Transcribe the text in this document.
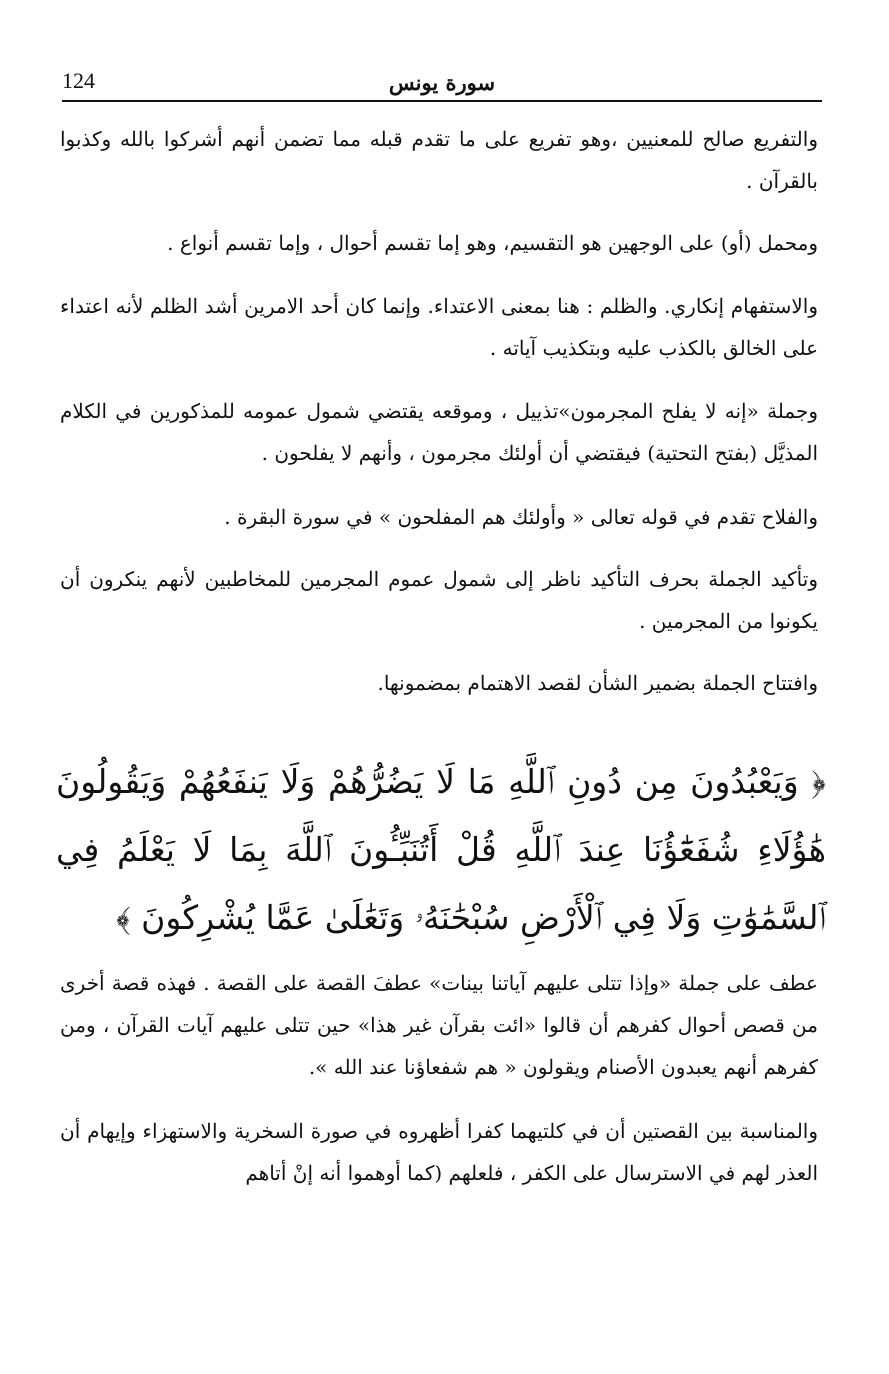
124	سورة يونس

والتفريع صالح للمعنيين ،وهو تفريع على ما تقدم قبله مما تضمن أنهم أشركوا بالله وكذبوا بالقرآن .

ومحمل (أو) على الوجهين هو التقسيم، وهو إما تقسم أحوال ، وإما تقسم أنواع .

والاستفهام إنكاري. والظلم : هنا بمعنى الاعتداء. وإنما كان أحد الامرين أشد الظلم لأنه اعتداء على الخالق بالكذب عليه وبتكذيب آياته .

وجملة «إنه لا يفلح المجرمون»تذييل ، وموقعه يقتضي شمول عمومه للمذكورين في الكلام المذيَّل (بفتح التحتية) فيقتضي أن أولئك مجرمون ، وأنهم لا يفلحون .

والفلاح تقدم في قوله تعالى « وأولئك هم المفلحون » في سورة البقرة .

وتأكيد الجملة بحرف التأكيد ناظر إلى شمول عموم المجرمين للمخاطبين لأنهم ينكرون أن يكونوا من المجرمين .

وافتتاح الجملة بضمير الشأن لقصد الاهتمام بمضمونها.

﴿ وَيَعْبُدُونَ مِن دُونِ ٱللَّهِ مَا لَا يَضُرُّهُمْ وَلَا يَنفَعُهُمْ وَيَقُولُونَ هَٰؤُلَاءِ شُفَعَٰٓؤُنَا عِندَ ٱللَّهِ قُلْ أَتُنَبِّـُٔونَ ٱللَّهَ بِمَا لَا يَعْلَمُ فِي ٱلسَّمَٰوَٰتِ وَلَا فِي ٱلْأَرْضِ سُبْحَٰنَهُۥ وَتَعَٰلَىٰ عَمَّا يُشْرِكُونَ ﴾

عطف على جملة «وإذا تتلى عليهم آياتنا بينات» عطفَ القصة على القصة . فهذه قصة أخرى من قصص أحوال كفرهم أن قالوا «ائت بقرآن غير هذا» حين تتلى عليهم آيات القرآن ، ومن كفرهم أنهم يعبدون الأصنام ويقولون « هم شفعاؤنا عند الله ».

والمناسبة بين القصتين أن في كلتيهما كفرا أظهروه في صورة السخرية والاستهزاء وإيهام أن العذر لهم في الاسترسال على الكفر ، فلعلهم (كما أوهموا أنه إنْ أتاهم
